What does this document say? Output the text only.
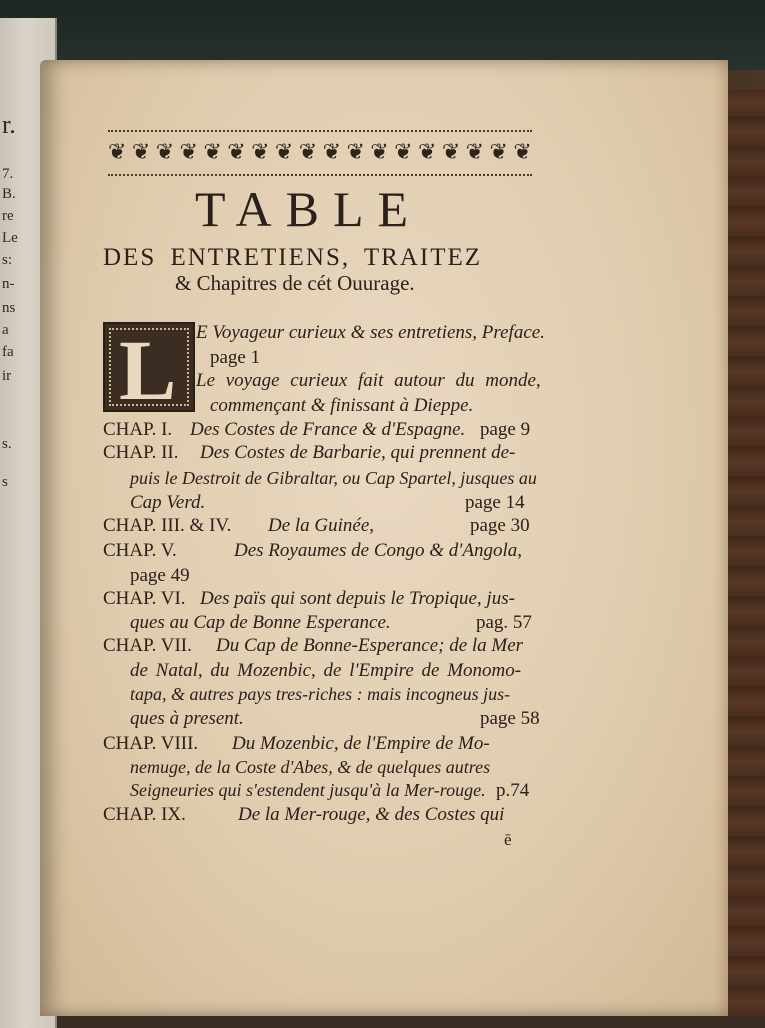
r.
7.
B.
re
Le
s:
n-
ns
a
fa
ir
s.
s
❦ ❦ ❦ ❦ ❦ ❦ ❦ ❦ ❦ ❦ ❦ ❦ ❦ ❦ ❦ ❦ ❦ ❦
TABLE
DES ENTRETIENS, TRAITEZ
& Chapitres de cét Ouurage.
L E Voyageur curieux & ses entretiens, Preface.
page 1
Le voyage curieux fait autour du monde,
commençant & finissant à Dieppe.
CHAP. I. Des Costes de France & d'Espagne. page 9
CHAP. II. Des Costes de Barbarie, qui prennent de-
puis le Destroit de Gibraltar, ou Cap Spartel, jusques au
Cap Verd.	page 14
CHAP. III. & IV. De la Guinée,	page 30
CHAP. V.	Des Royaumes de Congo & d'Angola,
page 49
CHAP. VI. Des païs qui sont depuis le Tropique, jus-
ques au Cap de Bonne Esperance.	pag. 57
CHAP. VII. Du Cap de Bonne-Esperance; de la Mer
de Natal, du Mozenbic, de l'Empire de Monomo-
tapa, & autres pays tres-riches : mais incogneus jus-
ques à present.	page 58
CHAP. VIII. Du Mozenbic, de l'Empire de Mo-
nemuge, de la Coste d'Abes, & de quelques autres
Seigneuries qui s'estendent jusqu'à la Mer-rouge. p.74
CHAP. IX.	De la Mer-rouge, & des Costes qui
ē
